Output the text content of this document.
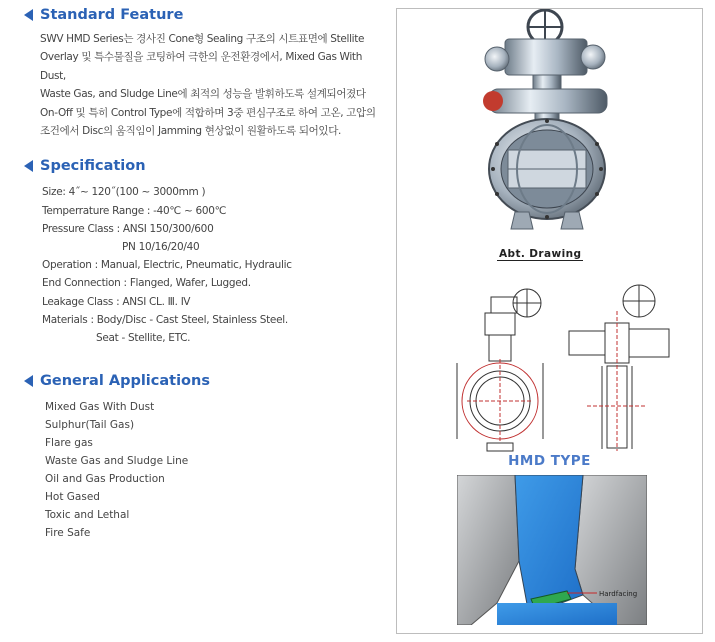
Standard Feature
SWV HMD Series는 경사진 Cone형 Sealing 구조의 시트표면에 Stellite
Overlay 및 특수물질을 코팅하여 극한의 운전환경에서, Mixed Gas With Dust,
Waste Gas, and Sludge Line에 최적의 성능을 발휘하도록 설계되어졌다
On-Off 및 특히 Control Type에 적합하며 3중 편심구조로 하여 고온, 고압의
조건에서 Disc의 움직임이 Jamming 현상없이 원활하도록 되어있다.
Specification
Size: 4˝~ 120˝(100 ~ 3000mm )
Temperrature Range : -40℃ ~ 600℃
Pressure Class : ANSI 150/300/600
PN 10/16/20/40
Operation : Manual, Electric, Pneumatic, Hydraulic
End Connection : Flanged, Wafer, Lugged.
Leakage Class : ANSI CL. Ⅲ. Ⅳ
Materials : Body/Disc - Cast Steel, Stainless Steel.
Seat - Stellite, ETC.
General Applications
Mixed Gas With Dust
Sulphur(Tail Gas)
Flare gas
Waste Gas and Sludge Line
Oil and Gas Production
Hot Gased
Toxic and Lethal
Fire Safe
Abt. Drawing
HMD TYPE
Hardfacing
